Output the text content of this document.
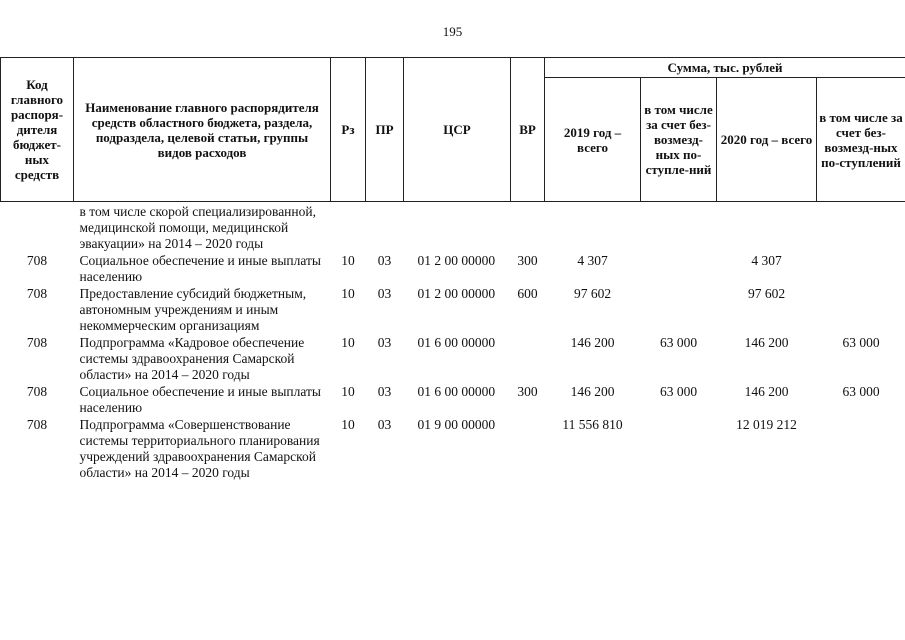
195
Код главного распоря-дителя бюджет-ных средств	Наименование главного распорядителя средств областного бюджета, раздела, подраздела, целевой статьи, группы видов расходов	Рз	ПР	ЦСР	ВР	Сумма, тыс. рублей			
						2019 год – всего	в том числе за счет без-возмезд-ных по-ступле-ний	2020 год – всего	в том числе за счет без-возмезд-ных по-ступлений
	в том числе скорой специализированной, медицинской помощи, медицинской эвакуации» на 2014 – 2020 годы								
708	Социальное обеспечение и иные выплаты населению	10	03	01 2 00 00000	300	4 307		4 307	
708	Предоставление субсидий бюджетным, автономным учреждениям и иным некоммерческим организациям	10	03	01 2 00 00000	600	97 602		97 602	
708	Подпрограмма «Кадровое обеспечение системы здравоохранения Самарской области» на 2014 – 2020 годы	10	03	01 6 00 00000		146 200	63 000	146 200	63 000
708	Социальное обеспечение и иные выплаты населению	10	03	01 6 00 00000	300	146 200	63 000	146 200	63 000
708	Подпрограмма «Совершенствование системы территориального планирования учреждений здравоохранения Самарской области» на 2014 – 2020 годы	10	03	01 9 00 00000		11 556 810		12 019 212	
